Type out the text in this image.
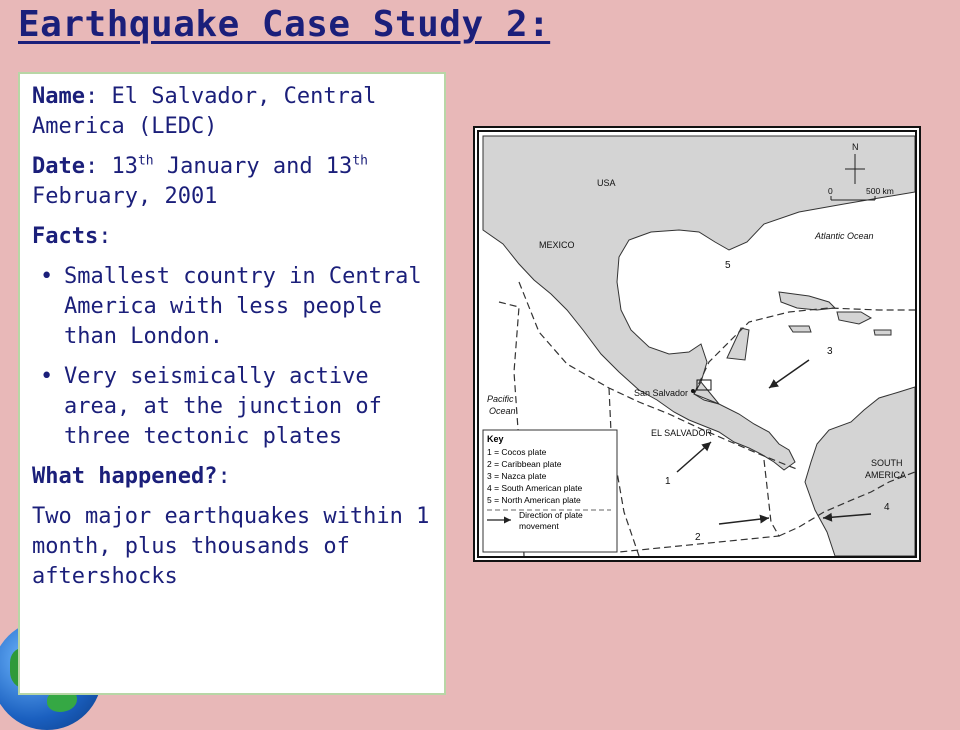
Earthquake Case Study 2:

Name: El Salvador, Central America (LEDC)

Date: 13th January and 13th February, 2001

Facts:

• Smallest country in Central America with less people than London.
• Very seismically active area, at the junction of three tectonic plates

What happened?:

Two major earthquakes within 1 month, plus thousands of aftershocks

Key
1 = Cocos plate
2 = Caribbean plate
3 = Nazca plate
4 = South American plate
5 = North American plate
Direction of plate
movement
USA
MEXICO
Atlantic Ocean
Pacific
Ocean
San Salvador
EL SALVADOR
SOUTH
AMERICA
N
0	500 km
5
3
1
2
4
